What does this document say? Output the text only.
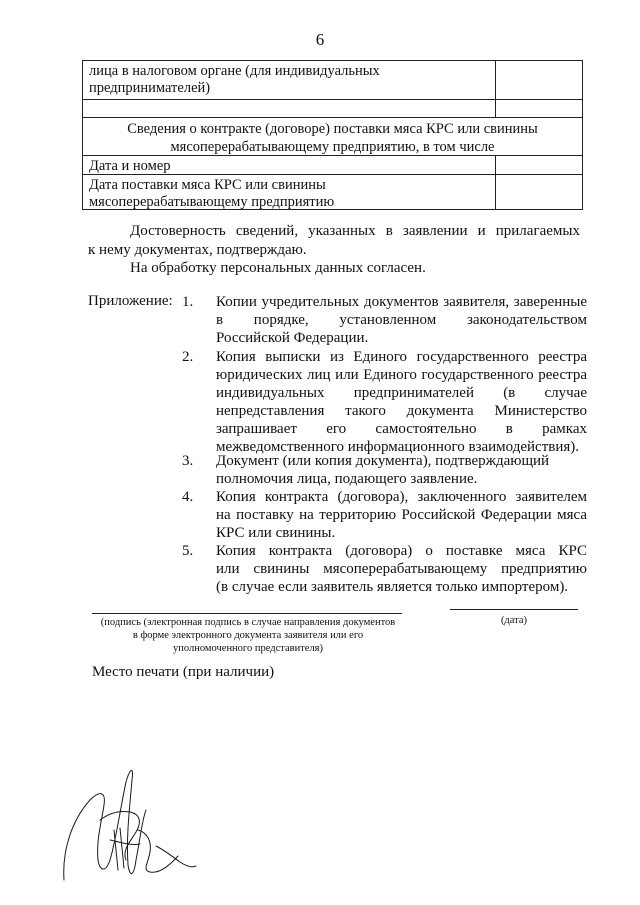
6
лица в налоговом органе (для индивидуальных
предпринимателей)
Сведения о контракте (договоре) поставки мяса КРС или свинины
мясоперерабатывающему предприятию, в том числе
Дата и номер
Дата поставки мяса КРС или свинины
мясоперерабатывающему предприятию
Достоверность сведений, указанных в заявлении и прилагаемых
к нему документах, подтверждаю.
На обработку персональных данных согласен.
Приложение: 1.	Копии учредительных документов заявителя, заверенные
в порядке, установленном законодательством
Российской Федерации.
2.	Копия выписки из Единого государственного реестра
юридических лиц или Единого государственного реестра
индивидуальных предпринимателей (в случае
непредставления такого документа Министерство
запрашивает его самостоятельно в рамках
межведомственного информационного взаимодействия).
3.	Документ (или копия документа), подтверждающий
полномочия лица, подающего заявление.
4.	Копия контракта (договора), заключенного заявителем
на поставку на территорию Российской Федерации мяса
КРС или свинины.
5.	Копия контракта (договора) о поставке мяса КРС
или свинины мясоперерабатывающему предприятию
(в случае если заявитель является только импортером).
(подпись (электронная подпись в случае направления документов
в форме электронного документа заявителя или его
уполномоченного представителя)
(дата)
Место печати (при наличии)
